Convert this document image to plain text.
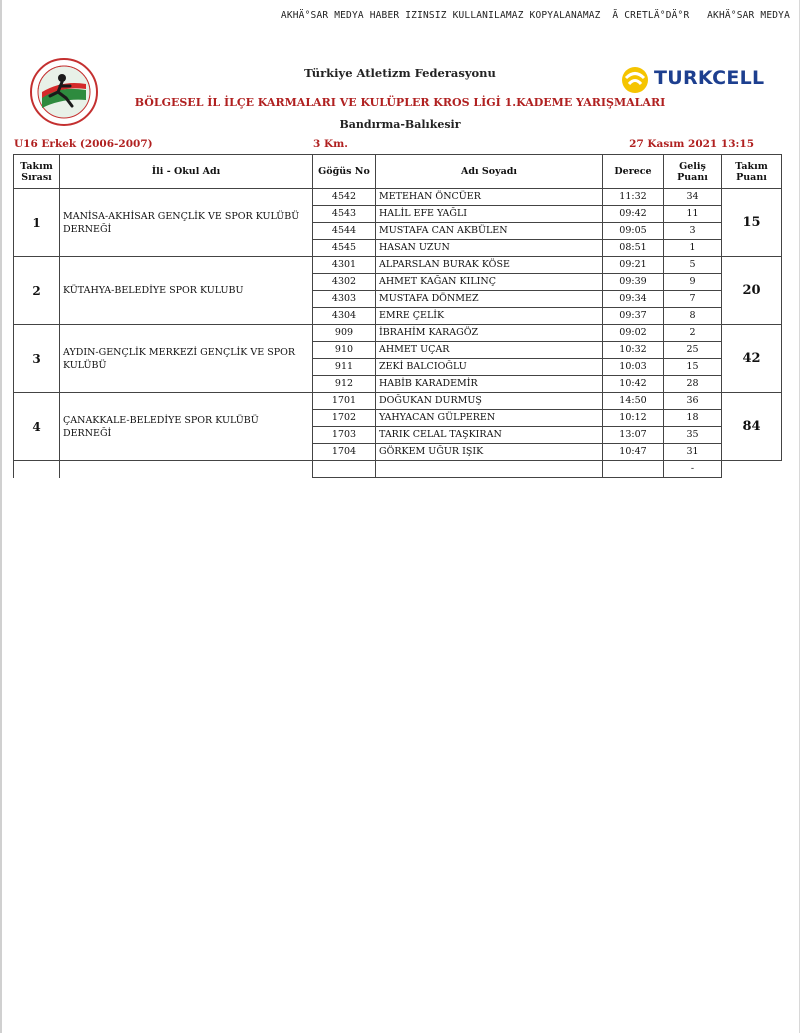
AKHÄ°SAR MEDYA HABER IZINSIZ KULLANILAMAZ KOPYALANAMAZ  Ã CRETLÄ°DÄ°R   AKHÄ°SAR MEDYA
TURKCELL
Türkiye Atletizm Federasyonu
BÖLGESEL İL İLÇE KARMALARI VE KULÜPLER KROS LİGİ 1.KADEME YARIŞMALARI
Bandırma-Balıkesir
U16 Erkek (2006-2007)	3 Km.	27 Kasım 2021 13:15
Takım Sırası	İli - Okul Adı	Göğüs No	Adı Soyadı	Derece	Geliş Puanı	Takım Puanı
1	MANİSA-AKHİSAR GENÇLİK VE SPOR KULÜBÜ DERNEĞİ	4542	METEHAN ÖNCÜER	11:32	34	15
		4543	HALİL EFE YAĞLI	09:42	11	
		4544	MUSTAFA CAN AKBÜLEN	09:05	3	
		4545	HASAN UZUN	08:51	1	
2	KÜTAHYA-BELEDİYE SPOR KULUBU	4301	ALPARSLAN BURAK KÖSE	09:21	5	20
		4302	AHMET KAĞAN KILINÇ	09:39	9	
		4303	MUSTAFA DÖNMEZ	09:34	7	
		4304	EMRE ÇELİK	09:37	8	
3	AYDIN-GENÇLİK MERKEZİ GENÇLİK VE SPOR KULÜBÜ	909	İBRAHİM KARAGÖZ	09:02	2	42
		910	AHMET UÇAR	10:32	25	
		911	ZEKİ BALCIOĞLU	10:03	15	
		912	HABİB KARADEMİR	10:42	28	
4	ÇANAKKALE-BELEDİYE SPOR KULÜBÜ DERNEĞİ	1701	DOĞUKAN DURMUŞ	14:50	36	84
		1702	YAHYACAN GÜLPEREN	10:12	18	
		1703	TARIK CELAL TAŞKIRAN	13:07	35	
		1704	GÖRKEM UĞUR IŞIK	10:47	31	
					-	
